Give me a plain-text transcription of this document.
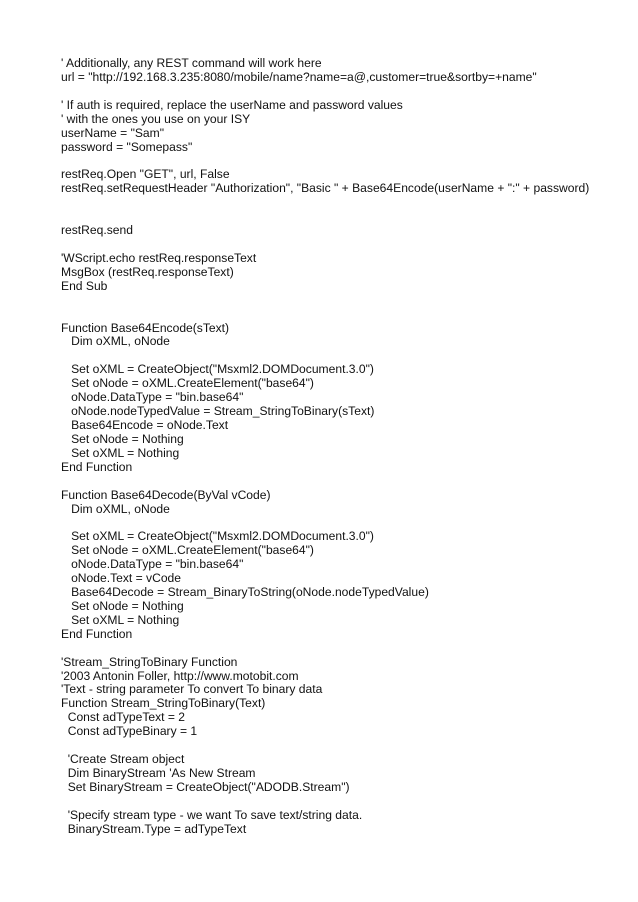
' Additionally, any REST command will work here
url = "http://192.168.3.235:8080/mobile/name?name=a@,customer=true&sortby=+name"
' If auth is required, replace the userName and password values
' with the ones you use on your ISY
userName = "Sam"
password = "Somepass"
restReq.Open "GET", url, False
restReq.setRequestHeader "Authorization", "Basic " + Base64Encode(userName + ":" + password)
restReq.send
'WScript.echo restReq.responseText
MsgBox (restReq.responseText)
End Sub
Function Base64Encode(sText)
Dim oXML, oNode
Set oXML = CreateObject("Msxml2.DOMDocument.3.0")
Set oNode = oXML.CreateElement("base64")
oNode.DataType = "bin.base64"
oNode.nodeTypedValue = Stream_StringToBinary(sText)
Base64Encode = oNode.Text
Set oNode = Nothing
Set oXML = Nothing
End Function
Function Base64Decode(ByVal vCode)
Dim oXML, oNode
Set oXML = CreateObject("Msxml2.DOMDocument.3.0")
Set oNode = oXML.CreateElement("base64")
oNode.DataType = "bin.base64"
oNode.Text = vCode
Base64Decode = Stream_BinaryToString(oNode.nodeTypedValue)
Set oNode = Nothing
Set oXML = Nothing
End Function
'Stream_StringToBinary Function
'2003 Antonin Foller, http://www.motobit.com
'Text - string parameter To convert To binary data
Function Stream_StringToBinary(Text)
Const adTypeText = 2
Const adTypeBinary = 1
'Create Stream object
Dim BinaryStream 'As New Stream
Set BinaryStream = CreateObject("ADODB.Stream")
'Specify stream type - we want To save text/string data.
BinaryStream.Type = adTypeText
